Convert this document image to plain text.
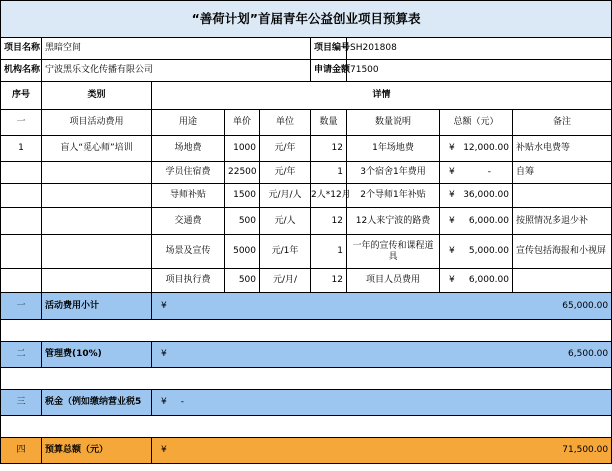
“善荷计划”首届青年公益创业项目预算表								
项目名称	黑暗空间				项目编号	SH201808		
机构名称	宁波黑乐文化传播有限公司				申请金额	71500		
序号	类别	详情						
一	项目活动费用	用途	单价	单位	数量	数量说明	总额（元）	备注
1	盲人“觅心师”培训	场地费	1000	元/年	12	1年场地费	¥ 12,000.00	补贴水电费等
		学员住宿费	22500	元/年	1	3个宿舍1年费用	¥ -	自筹
		导师补贴	1500	元/月/人	2人*12月	2个导师1年补贴	¥ 36,000.00	

		交通费	500	元/人	12	12人来宁波的路费	¥ 6,000.00	按照情况多退少补
		场景及宣传	5000	元/1年	1	一年的宣传和课程道具	¥ 5,000.00	宣传包括海报和小视屏
		项目执行费	500	元/月/	12	项目人员费用	¥ 6,000.00	

一	活动费用小计	¥ 65,000.00						

二	管理费(10%)	¥ 6,500.00						

三	税金（例如缴纳营业税5	¥ -						

四	预算总额（元）	¥ 71,500.00						
